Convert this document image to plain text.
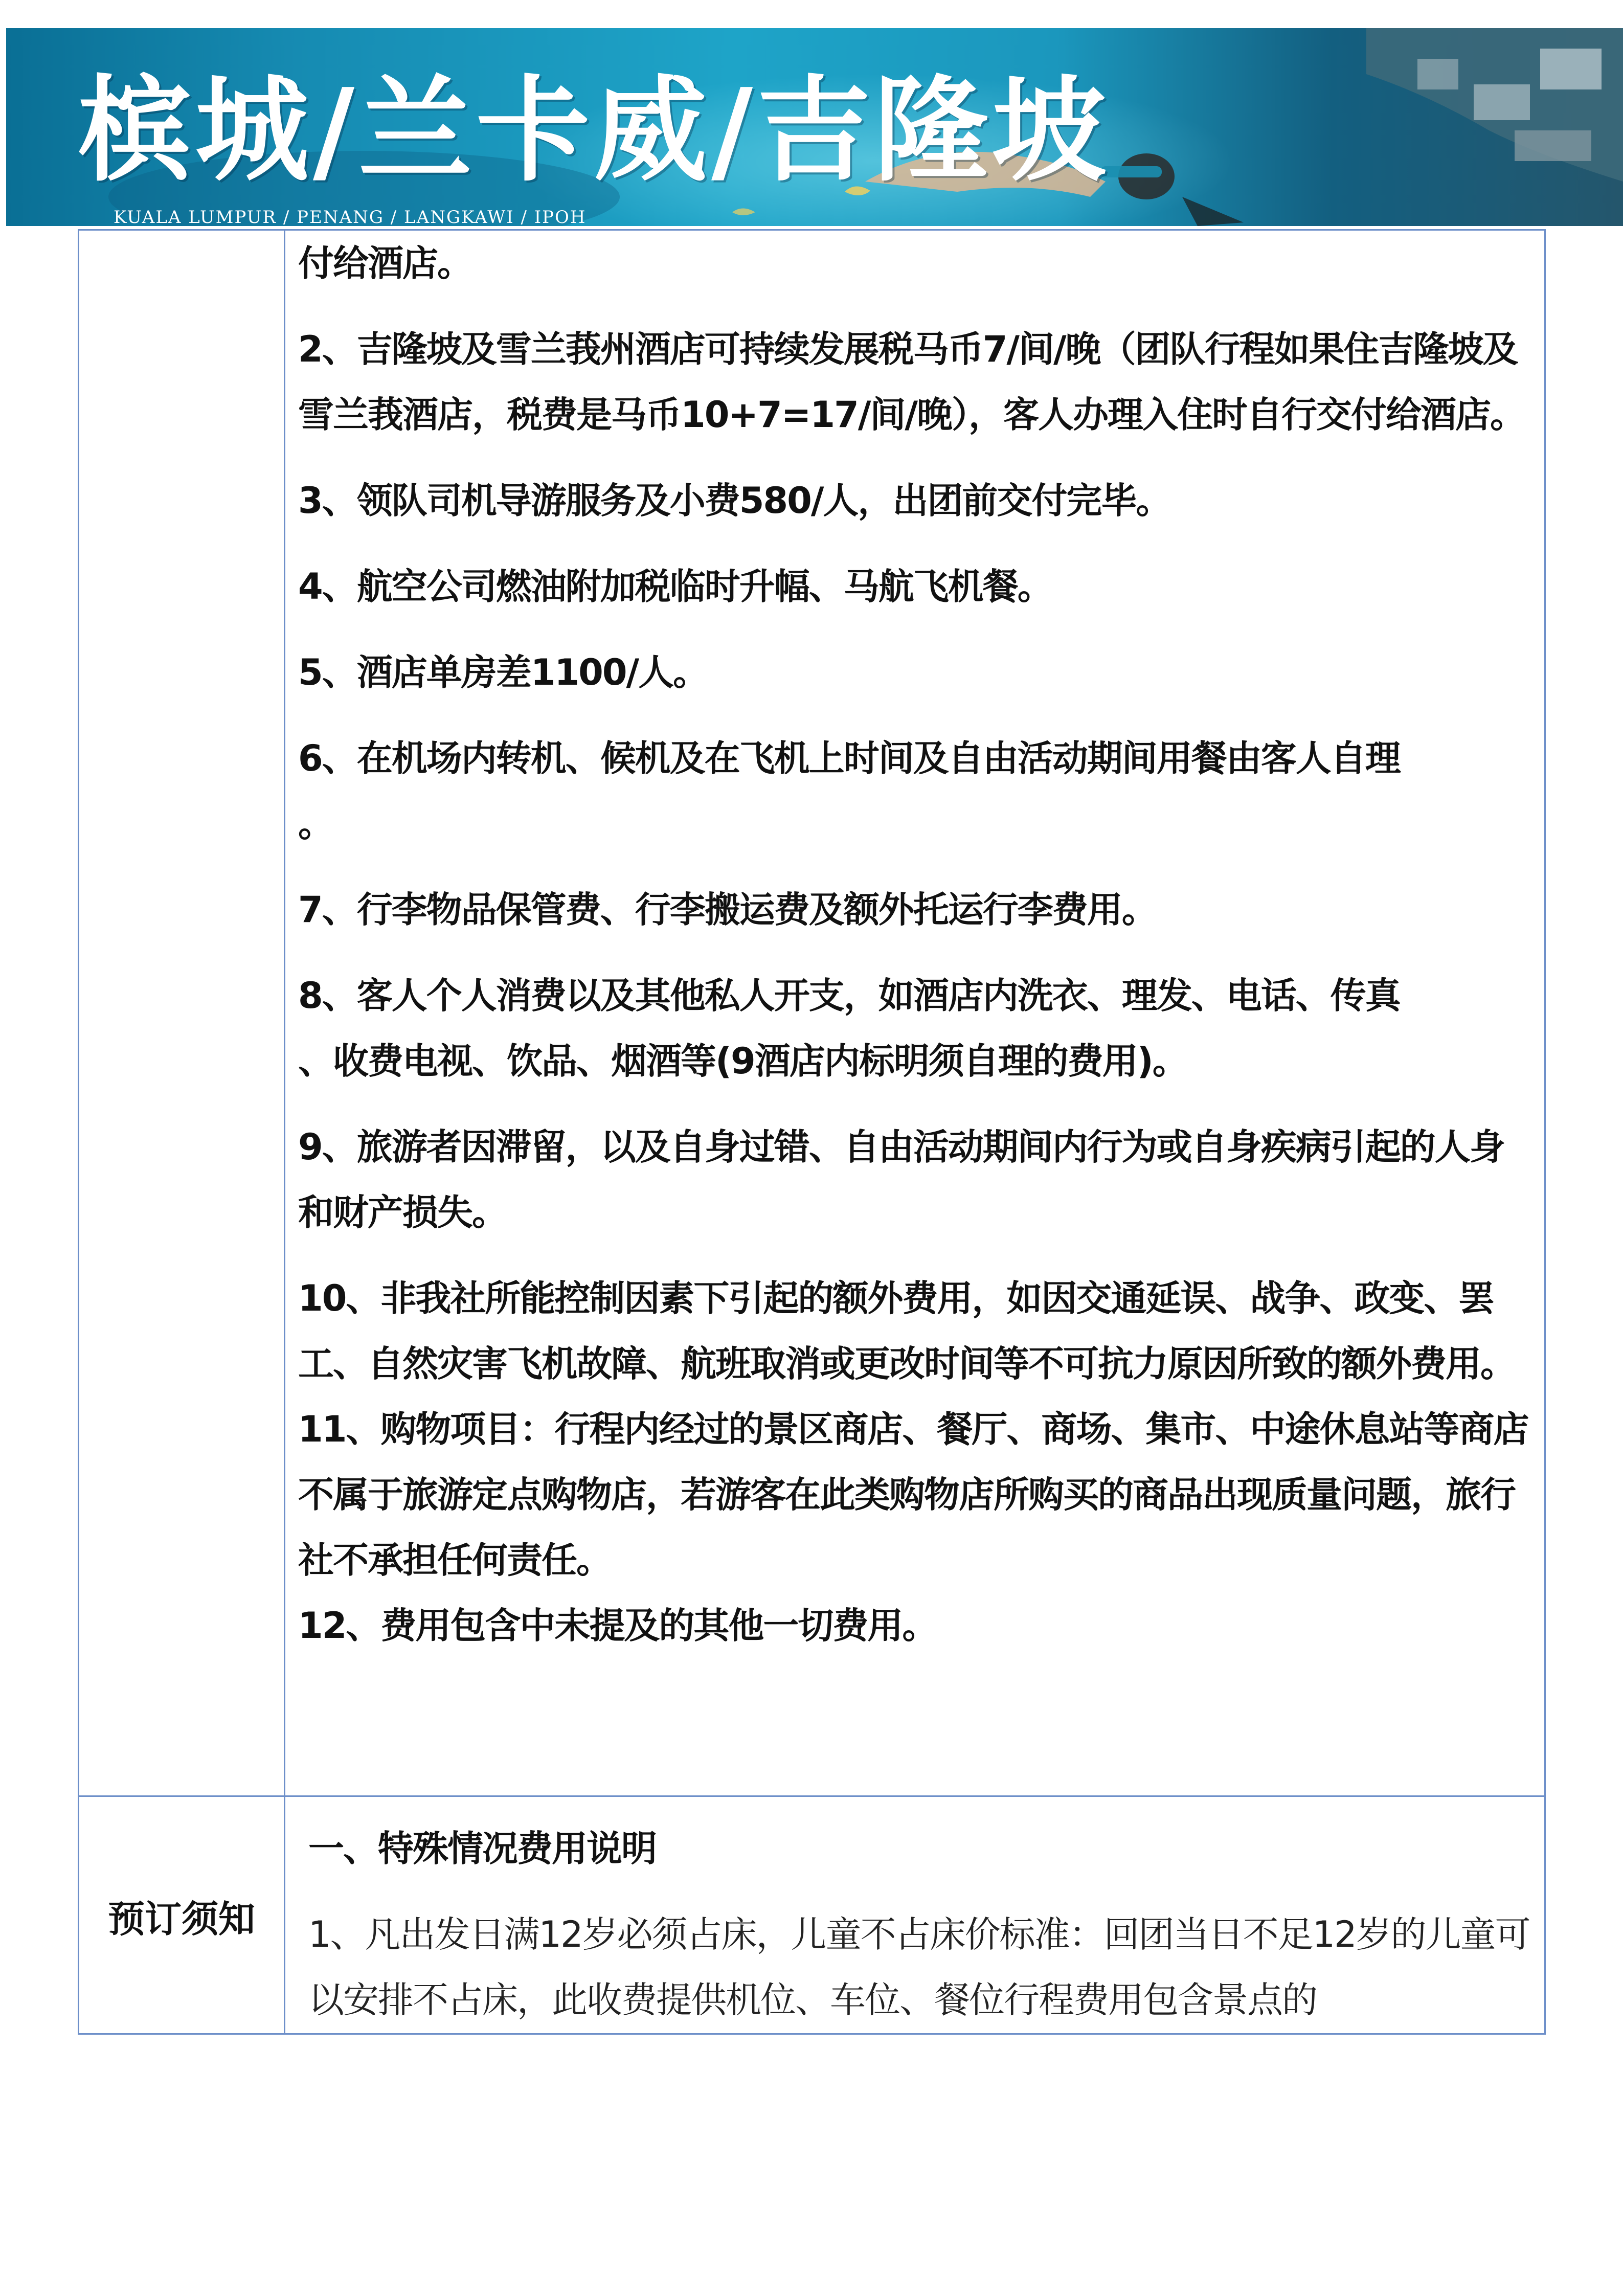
槟城/兰卡威/吉隆坡
KUALA LUMPUR / PENANG / LANGKAWI / IPOH

付给酒店。

2、吉隆坡及雪兰莪州酒店可持续发展税马币7/间/晚（团队行程如果住吉隆坡及雪兰莪酒店，税费是马币10+7=17/间/晚），客人办理入住时自行交付给酒店。

3、领队司机导游服务及小费580/人，出团前交付完毕。

4、航空公司燃油附加税临时升幅、马航飞机餐。

5、酒店单房差1100/人。

6、在机场内转机、候机及在飞机上时间及自由活动期间用餐由客人自理
。

7、行李物品保管费、行李搬运费及额外托运行李费用。

8、客人个人消费以及其他私人开支，如酒店内洗衣、理发、电话、传真
、收费电视、饮品、烟酒等(9酒店内标明须自理的费用)。

9、旅游者因滞留，以及自身过错、自由活动期间内行为或自身疾病引起的人身和财产损失。

10、非我社所能控制因素下引起的额外费用，如因交通延误、战争、政变、罢工、自然灾害飞机故障、航班取消或更改时间等不可抗力原因所致的额外费用。

11、购物项目：行程内经过的景区商店、餐厅、商场、集市、中途休息站等商店不属于旅游定点购物店，若游客在此类购物店所购买的商品出现质量问题，旅行社不承担任何责任。

12、费用包含中未提及的其他一切费用。

预订须知

一、特殊情况费用说明

1、凡出发日满12岁必须占床，儿童不占床价标准：回团当日不足12岁的儿童可以安排不占床，此收费提供机位、车位、餐位行程费用包含景点的
